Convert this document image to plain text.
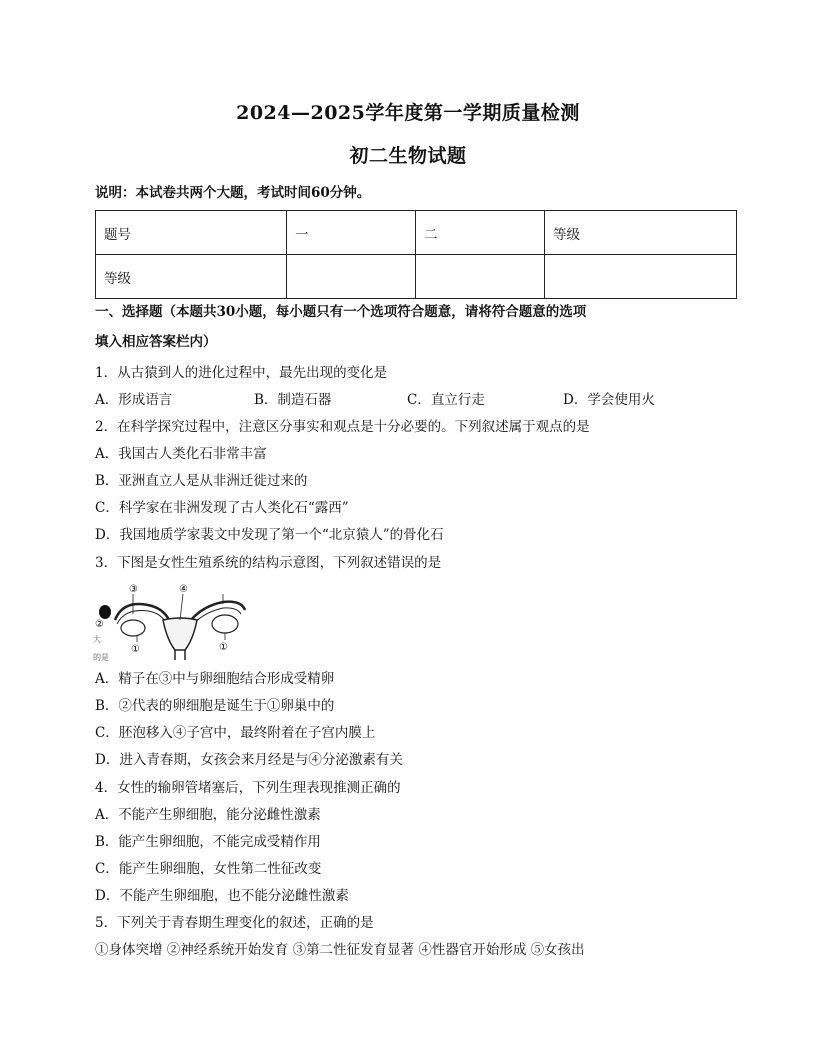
2024—2025学年度第一学期质量检测
初二生物试题
说明：本试卷共两个大题，考试时间60分钟。
题号	一	二	等级
等级			
一、选择题（本题共30小题，每小题只有一个选项符合题意，请将符合题意的选项
填入相应答案栏内）
1．从古猿到人的进化过程中，最先出现的变化是
A．形成语言	B．制造石器	C．直立行走	D．学会使用火
2．在科学探究过程中，注意区分事实和观点是十分必要的。下列叙述属于观点的是
A．我国古人类化石非常丰富
B．亚洲直立人是从非洲迁徙过来的
C．科学家在非洲发现了古人类化石“露西”
D．我国地质学家裴文中发现了第一个“北京猿人”的骨化石
3．下图是女性生殖系统的结构示意图，下列叙述错误的是
③	④
②
①	①
大
的是
A．精子在③中与卵细胞结合形成受精卵
B．②代表的卵细胞是诞生于①卵巢中的
C．胚泡移入④子宫中，最终附着在子宫内膜上
D．进入青春期，女孩会来月经是与④分泌激素有关
4．女性的输卵管堵塞后，下列生理表现推测正确的
A．不能产生卵细胞，能分泌雌性激素
B．能产生卵细胞，不能完成受精作用
C．能产生卵细胞，女性第二性征改变
D．不能产生卵细胞，也不能分泌雌性激素
5．下列关于青春期生理变化的叙述，正确的是
①身体突增 ②神经系统开始发育 ③第二性征发育显著 ④性器官开始形成 ⑤女孩出
